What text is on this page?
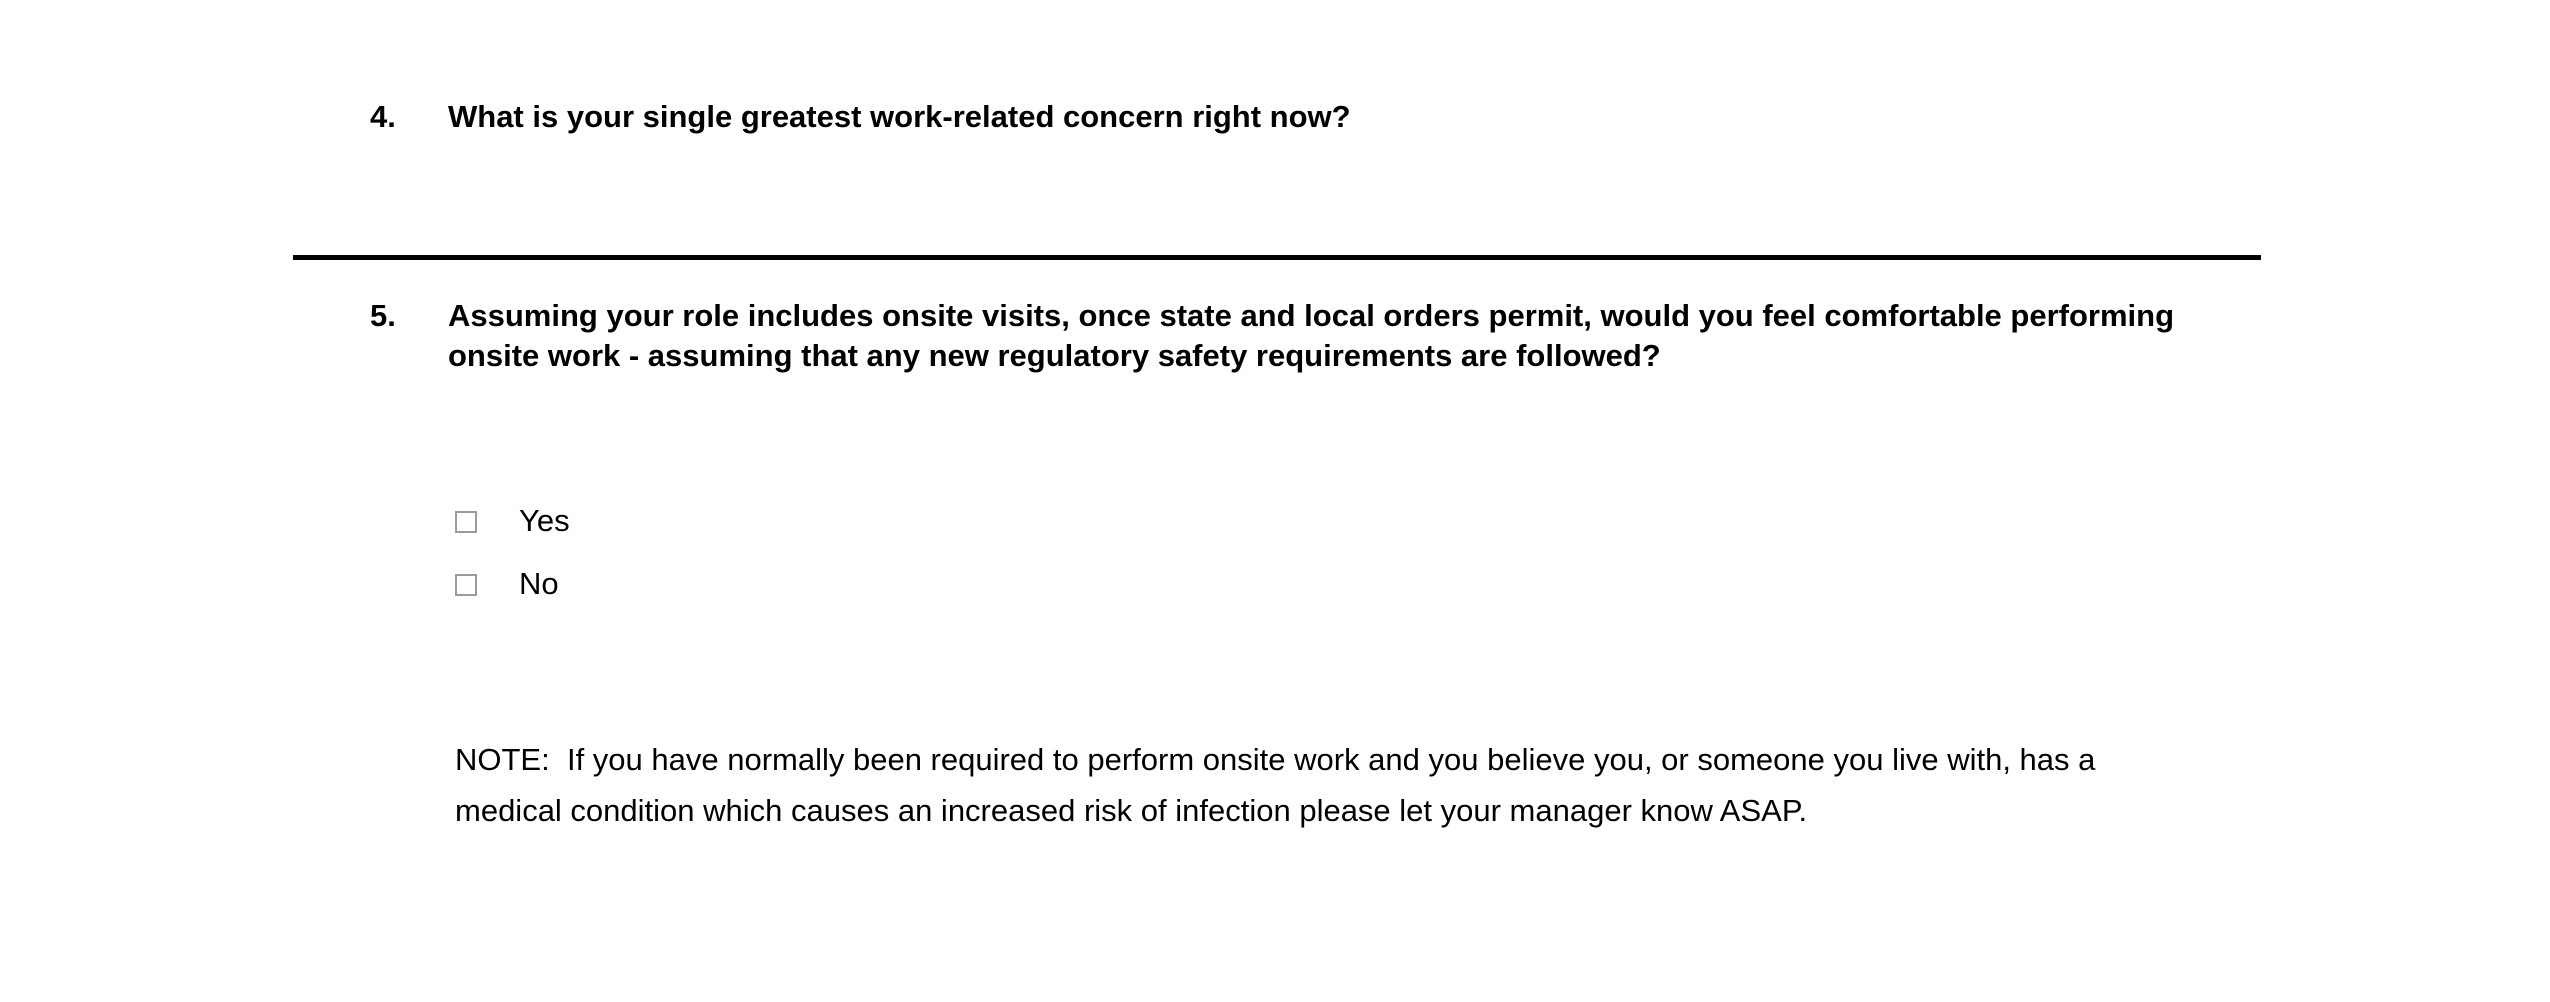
4.	What is your single greatest work-related concern right now?
5.	Assuming your role includes onsite visits, once state and local orders permit, would you feel comfortable performing onsite work - assuming that any new regulatory safety requirements are followed?
Yes
No
NOTE:  If you have normally been required to perform onsite work and you believe you, or someone you live with, has a medical condition which causes an increased risk of infection please let your manager know ASAP.
